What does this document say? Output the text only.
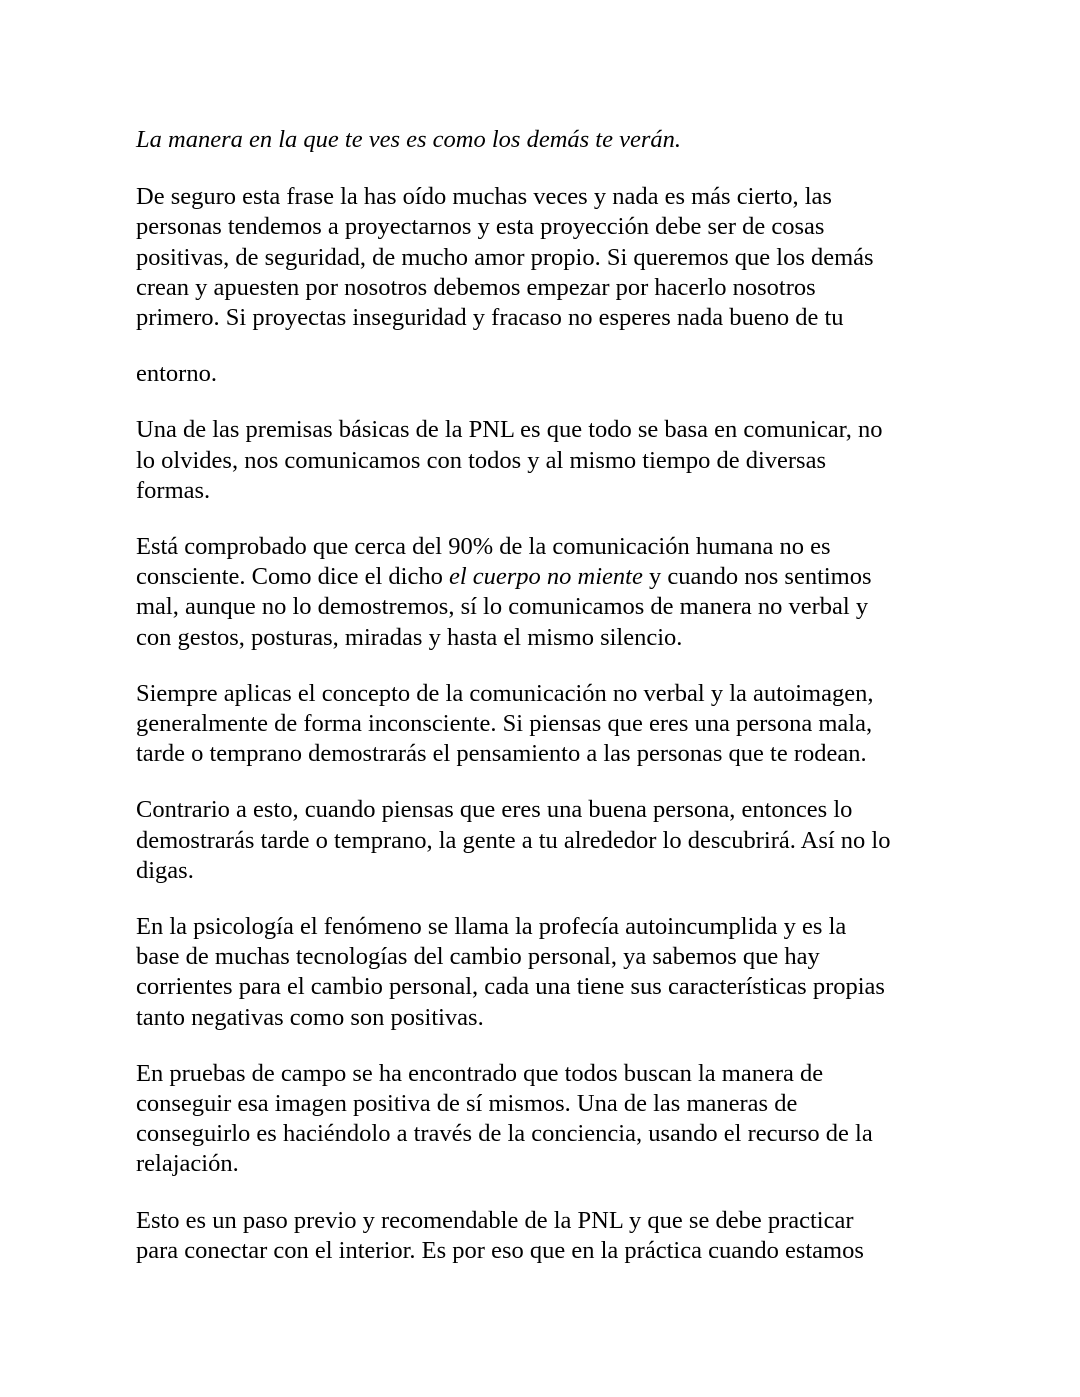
La manera en la que te ves es como los demás te verán.

De seguro esta frase la has oído muchas veces y nada es más cierto, las
personas tendemos a proyectarnos y esta proyección debe ser de cosas
positivas, de seguridad, de mucho amor propio. Si queremos que los demás
crean y apuesten por nosotros debemos empezar por hacerlo nosotros
primero. Si proyectas inseguridad y fracaso no esperes nada bueno de tu

entorno.

Una de las premisas básicas de la PNL es que todo se basa en comunicar, no
lo olvides, nos comunicamos con todos y al mismo tiempo de diversas
formas.

Está comprobado que cerca del 90% de la comunicación humana no es
consciente. Como dice el dicho el cuerpo no miente y cuando nos sentimos
mal, aunque no lo demostremos, sí lo comunicamos de manera no verbal y
con gestos, posturas, miradas y hasta el mismo silencio.

Siempre aplicas el concepto de la comunicación no verbal y la autoimagen,
generalmente de forma inconsciente. Si piensas que eres una persona mala,
tarde o temprano demostrarás el pensamiento a las personas que te rodean.

Contrario a esto, cuando piensas que eres una buena persona, entonces lo
demostrarás tarde o temprano, la gente a tu alrededor lo descubrirá. Así no lo
digas.

En la psicología el fenómeno se llama la profecía autoincumplida y es la
base de muchas tecnologías del cambio personal, ya sabemos que hay
corrientes para el cambio personal, cada una tiene sus características propias
tanto negativas como son positivas.

En pruebas de campo se ha encontrado que todos buscan la manera de
conseguir esa imagen positiva de sí mismos. Una de las maneras de
conseguirlo es haciéndolo a través de la conciencia, usando el recurso de la
relajación.

Esto es un paso previo y recomendable de la PNL y que se debe practicar
para conectar con el interior. Es por eso que en la práctica cuando estamos
